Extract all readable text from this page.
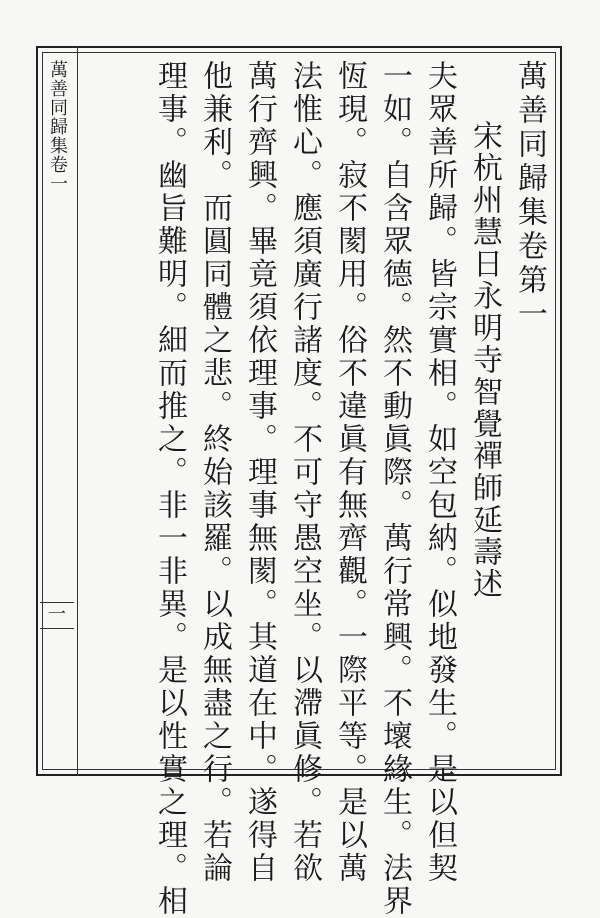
萬善同歸集卷一
一
萬善同歸集卷第一
宋杭州慧日永明寺智覺禪師延壽述
夫眾善所歸。皆宗實相。如空包納。似地發生。是以但契
一如。自含眾德。然不動眞際。萬行常興。不壞緣生。法界
恆現。寂不閡用。俗不違眞有無齊觀。一際平等。是以萬
法惟心。應須廣行諸度。不可守愚空坐。以滯眞修。若欲
萬行齊興。畢竟須依理事。理事無閡。其道在中。遂得自
他兼利。而圓同體之悲。終始該羅。以成無盡之行。若論
理事。幽旨難明。細而推之。非一非異。是以性實之理。相
